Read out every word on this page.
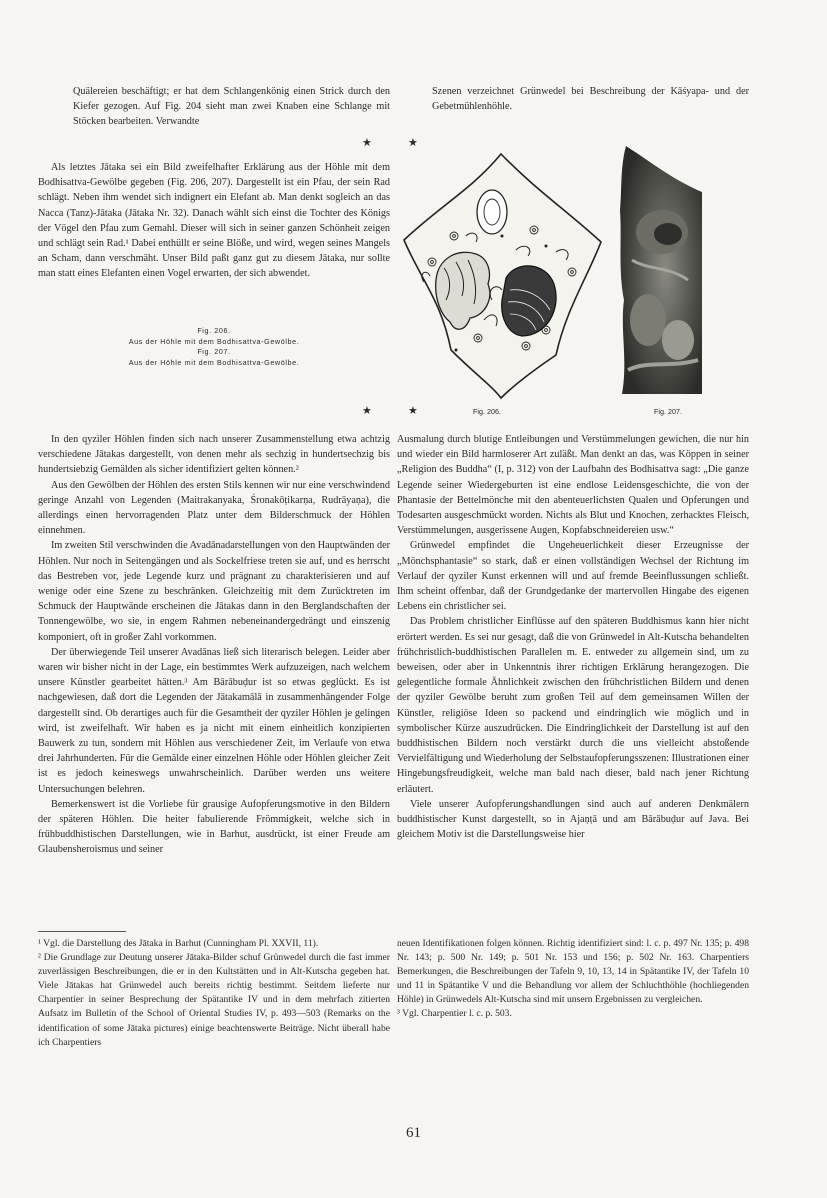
Quälereien beschäftigt; er hat dem Schlangenkönig einen Strick durch den Kiefer gezogen. Auf Fig. 204 sieht man zwei Knaben eine Schlange mit Stöcken bearbeiten. Verwandte

Szenen verzeichnet Grünwedel bei Beschreibung der Kāśyapa- und der Gebetmühlenhöhle.

★	★

Als letztes Jātaka sei ein Bild zweifelhafter Erklärung aus der Höhle mit dem Bodhisattva-Gewölbe gegeben (Fig. 206, 207). Dargestellt ist ein Pfau, der sein Rad schlägt. Neben ihm wendet sich indignert ein Elefant ab. Man denkt sogleich an das Nacca (Tanz)-Jātaka (Jātaka Nr. 32). Danach wählt sich einst die Tochter des Königs der Vögel den Pfau zum Gemahl. Dieser will sich in seiner ganzen Schönheit zeigen und schlägt sein Rad.¹ Dabei enthüllt er seine Blöße, und wird, wegen seines Mangels an Scham, dann verschmäht. Unser Bild paßt ganz gut zu diesem Jātaka, nur sollte man statt eines Elefanten einen Vogel erwarten, der sich abwendet.

Fig. 206.
Aus der Höhle mit dem Bodhisattva-Gewölbe.
Fig. 207.
Aus der Höhle mit dem Bodhisattva-Gewölbe.
★	★	Fig. 206.	Fig. 207.

In den qyziler Höhlen finden sich nach unserer Zusammenstellung etwa achtzig verschiedene Jātakas dargestellt, von denen mehr als sechzig in hundertsechzig bis hundertsiebzig Gemälden als sicher identifiziert gelten können.²

Aus den Gewölben der Höhlen des ersten Stils kennen wir nur eine verschwindend geringe Anzahl von Legenden (Maitrakanyaka, Śronakōṭikarṇa, Rudrāyaṇa), die allerdings einen hervorragenden Platz unter dem Bilderschmuck der Höhlen einnehmen.

Im zweiten Stil verschwinden die Avadānadarstellungen von den Hauptwänden der Höhlen. Nur noch in Seitengängen und als Sockelfriese treten sie auf, und es herrscht das Bestreben vor, jede Legende kurz und prägnant zu charakterisieren und auf wenige oder eine Szene zu beschränken. Gleichzeitig mit dem Zurücktreten im Schmuck der Hauptwände erscheinen die Jātakas dann in den Berglandschaften der Tonnengewölbe, wo sie, in engem Rahmen nebeneinandergedrängt und einszenig komponiert, oft in großer Zahl vorkommen.

Der überwiegende Teil unserer Avadānas ließ sich literarisch belegen. Leider aber waren wir bisher nicht in der Lage, ein bestimmtes Werk aufzuzeigen, nach welchem unsere Künstler gearbeitet hätten.³ Am Bārābuḍur ist so etwas geglückt. Es ist nachgewiesen, daß dort die Legenden der Jātakamālā in zusammenhängender Folge dargestellt sind. Ob derartiges auch für die Gesamtheit der qyziler Höhlen je gelingen wird, ist zweifelhaft. Wir haben es ja nicht mit einem einheitlich konzipierten Bauwerk zu tun, sondern mit Höhlen aus verschiedener Zeit, im Verlaufe von etwa drei Jahrhunderten. Für die Gemälde einer einzelnen Höhle oder Höhlen gleicher Zeit ist es jedoch keineswegs unwahrscheinlich. Darüber werden uns weitere Untersuchungen belehren.

Bemerkenswert ist die Vorliebe für grausige Aufopferungsmotive in den Bildern der späteren Höhlen. Die heiter fabulierende Frömmigkeit, welche sich in frühbuddhistischen Darstellungen, wie in Barhut, ausdrückt, ist einer Freude am Glaubensheroismus und seiner

Ausmalung durch blutige Entleibungen und Verstümmelungen gewichen, die nur hin und wieder ein Bild harmloserer Art zuläßt. Man denkt an das, was Köppen in seiner „Religion des Buddha“ (I, p. 312) von der Laufbahn des Bodhisattva sagt: „Die ganze Legende seiner Wiedergeburten ist eine endlose Leidensgeschichte, die von der Phantasie der Bettelmönche mit den abenteuerlichsten Qualen und Opferungen und Todesarten ausgeschmückt worden. Nichts als Blut und Knochen, zerhacktes Fleisch, Verstümmelungen, ausgerissene Augen, Kopfabschneidereien usw.“

Grünwedel empfindet die Ungeheuerlichkeit dieser Erzeugnisse der „Mönchsphantasie“ so stark, daß er einen vollständigen Wechsel der Richtung im Verlauf der qyziler Kunst erkennen will und auf fremde Beeinflussungen schließt. Ihm scheint offenbar, daß der Grundgedanke der martervollen Hingabe des eigenen Lebens ein christlicher sei.

Das Problem christlicher Einflüsse auf den späteren Buddhismus kann hier nicht erörtert werden. Es sei nur gesagt, daß die von Grünwedel in Alt-Kutscha behandelten frühchristlich-buddhistischen Parallelen m. E. entweder zu allgemein sind, um zu beweisen, oder aber in Unkenntnis ihrer richtigen Erklärung herangezogen. Die gelegentliche formale Ähnlichkeit zwischen den frühchristlichen Bildern und denen der qyziler Gewölbe beruht zum großen Teil auf dem gemeinsamen Willen der Künstler, religiöse Ideen so packend und eindringlich wie möglich und in symbolischer Kürze auszudrücken. Die Eindringlichkeit der Darstellung ist auf den buddhistischen Bildern noch verstärkt durch die uns vielleicht abstoßende Vervielfältigung und Wiederholung der Selbstaufopferungsszenen: Illustrationen einer Hingebungsfreudigkeit, welche man bald nach dieser, bald nach jener Richtung erläutert.

Viele unserer Aufopferungshandlungen sind auch auf anderen Denkmälern buddhistischer Kunst dargestellt, so in Ajaṇṭā und am Bārābuḍur auf Java. Bei gleichem Motiv ist die Darstellungsweise hier

¹ Vgl. die Darstellung des Jātaka in Barhut (Cunningham Pl. XXVII, 11).

² Die Grundlage zur Deutung unserer Jātaka-Bilder schuf Grünwedel durch die fast immer zuverlässigen Beschreibungen, die er in den Kultstätten und in Alt-Kutscha gegeben hat. Viele Jātakas hat Grünwedel auch bereits richtig bestimmt. Seitdem lieferte nur Charpentier in seiner Besprechung der Spätantike IV und in dem mehrfach zitierten Aufsatz im Bulletin of the School of Oriental Studies IV, p. 493—503 (Remarks on the identification of some Jātaka pictures) einige beachtenswerte Beiträge. Nicht überall habe ich Charpentiers

neuen Identifikationen folgen können. Richtig identifiziert sind: l. c. p. 497 Nr. 135; p. 498 Nr. 143; p. 500 Nr. 149; p. 501 Nr. 153 und 156; p. 502 Nr. 163. Charpentiers Bemerkungen, die Beschreibungen der Tafeln 9, 10, 13, 14 in Spätantike IV, der Tafeln 10 und 11 in Spätantike V und die Behandlung vor allem der Schluchthöhle (hochliegenden Höhle) in Grünwedels Alt-Kutscha sind mit unsern Ergebnissen zu vergleichen.

³ Vgl. Charpentier l. c. p. 503.

61
